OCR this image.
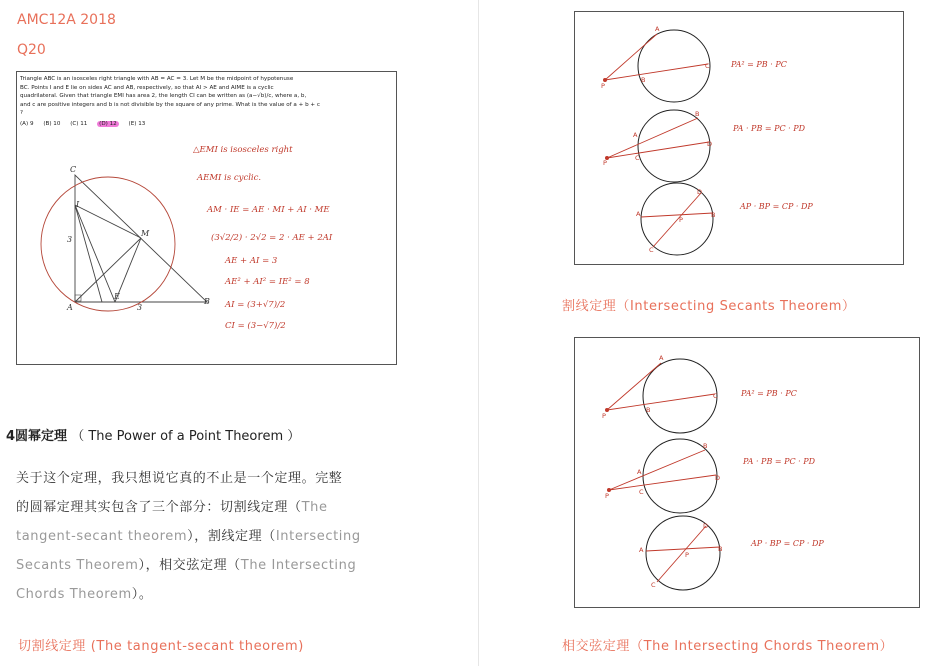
AMC12A 2018
Q20
Triangle ABC is an isosceles right triangle with AB = AC = 3. Let M be the midpoint of hypotenuse
BC. Points I and E lie on sides AC and AB, respectively, so that AI > AE and AIME is a cyclic
quadrilateral. Given that triangle EMI has area 2, the length CI can be written as (a−√b)/c, where a, b,
and c are positive integers and b is not divisible by the square of any prime. What is the value of a + b + c
?
(A) 9 (B) 10 (C) 11 (D) 12 (E) 13
C
I
M
A
E
B
3
3
△EMI is isosceles right
AEMI is cyclic.
AM · IE = AE · MI + AI · ME
(3√2/2) · 2√2 = 2 · AE + 2AI
AE + AI = 3
AE² + AI² = IE² = 8
AI = (3+√7)/2
CI = (3−√7)/2
4圆幂定理 （ The Power of a Point Theorem ）
关于这个定理，我只想说它真的不止是一个定理。完整
的圆幂定理其实包含了三个部分：切割线定理（The
tangent-secant theorem），割线定理（Intersecting
Secants Theorem），相交弦定理（The Intersecting
Chords Theorem）。
切割线定理 (The tangent-secant theorem)
A
P
B
C
B
A
D
C
P
D
A	B
P
C
PA² = PB · PC
PA · PB = PC · PD
AP · BP = CP · DP
割线定理（Intersecting Secants Theorem）
A
P
B
C
B
A
D
C
P
D
A	B
P
C
PA² = PB · PC
PA · PB = PC · PD
AP · BP = CP · DP
相交弦定理（The Intersecting Chords Theorem）
